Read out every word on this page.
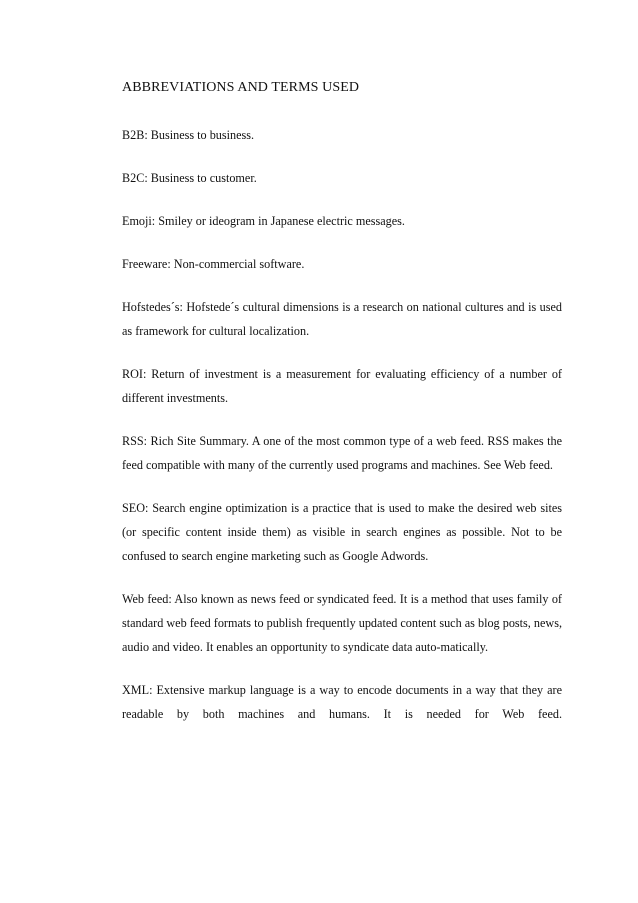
ABBREVIATIONS AND TERMS USED

B2B: Business to business.

B2C: Business to customer.

Emoji: Smiley or ideogram in Japanese electric messages.

Freeware: Non-commercial software.

Hofstedes´s: Hofstede´s cultural dimensions is a research on national cultures and is used as framework for cultural localization.

ROI: Return of investment is a measurement for evaluating efficiency of a number of different investments.

RSS: Rich Site Summary. A one of the most common type of a web feed. RSS makes the feed compatible with many of the currently used programs and machines. See Web feed.

SEO: Search engine optimization is a practice that is used to make the desired web sites (or specific content inside them) as visible in search engines as possible. Not to be confused to search engine marketing such as Google Adwords.

Web feed: Also known as news feed or syndicated feed. It is a method that uses family of standard web feed formats to publish frequently updated content such as blog posts, news, audio and video. It enables an opportunity to syndicate data auto-matically.

XML: Extensive markup language is a way to encode documents in a way that they are readable by both machines and humans. It is needed for Web feed.
